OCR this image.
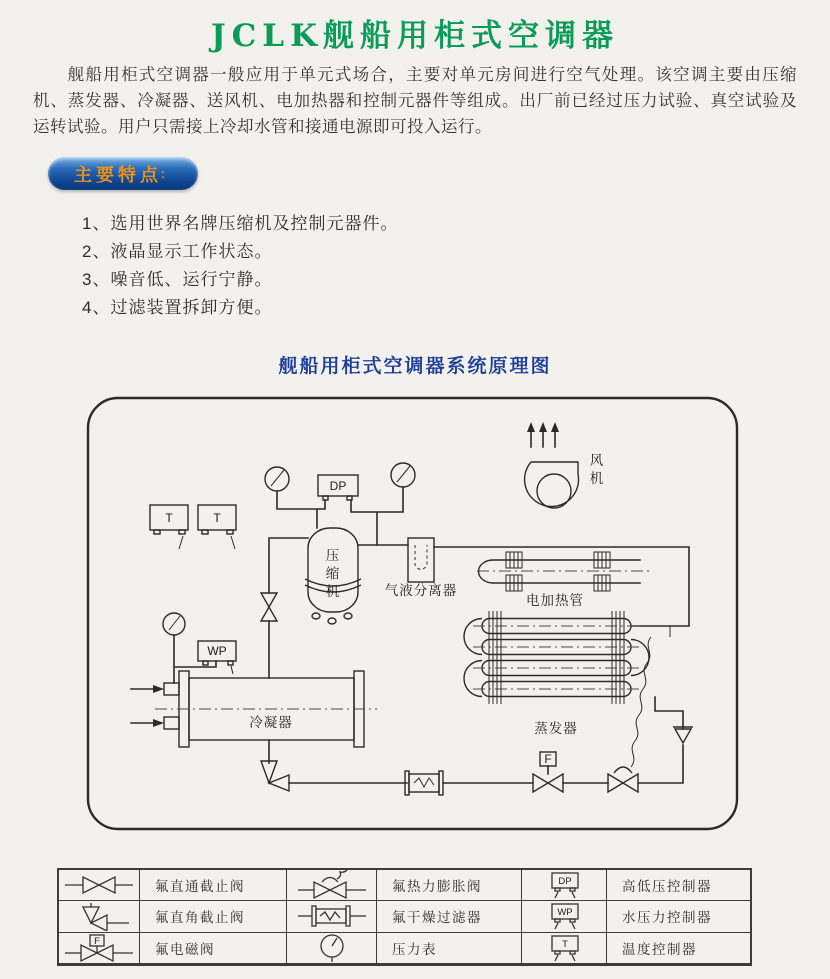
JCLK舰船用柜式空调器
舰船用柜式空调器一般应用于单元式场合，主要对单元房间进行空气处理。该空调主要由压缩机、蒸发器、冷凝器、送风机、电加热器和控制元器件等组成。出厂前已经过压力试验、真空试验及运转试验。用户只需接上冷却水管和接通电源即可投入运行。
主要特点
：
1、选用世界名牌压缩机及控制元器件。
2、液晶显示工作状态。
3、噪音低、运行宁静。
4、过滤装置拆卸方便。
舰船用柜式空调器系统原理图
风
机
T	T
DP
压
缩
机	气液分离器
电加热管
蒸发器
WP
冷凝器
F
氟直通截止阀	氟热力膨胀阀	DP	高低压控制器
氟直角截止阀	氟干燥过滤器	WP	水压力控制器
F
氟电磁阀	压力表	T	温度控制器
